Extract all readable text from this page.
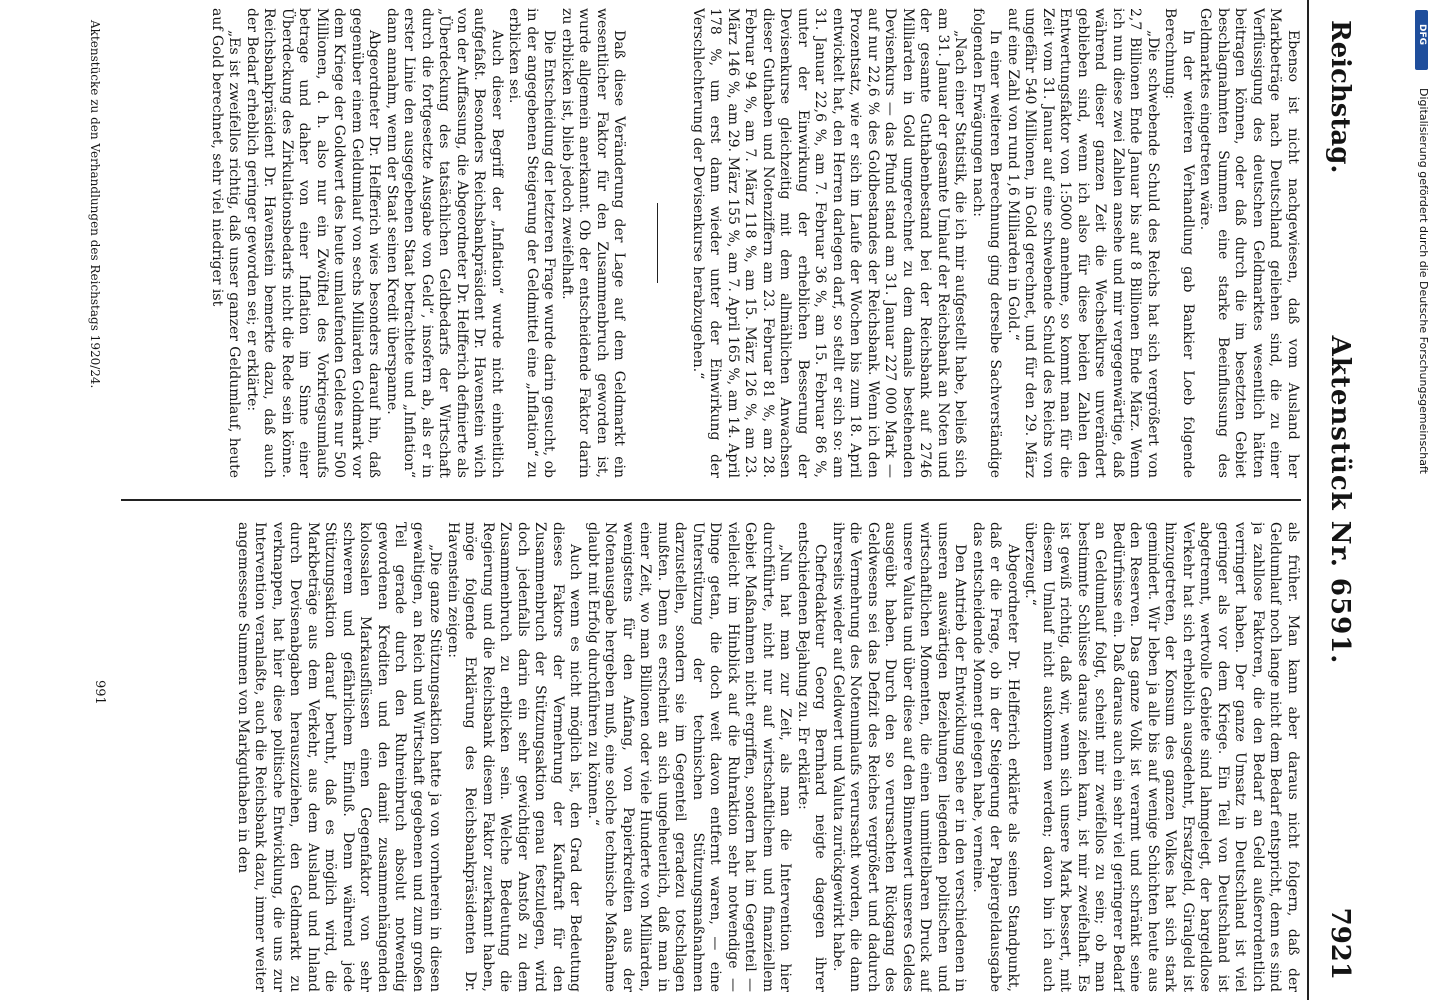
Reichstag.
Aktenstück Nr. 6591.
7921

Ebenso ist nicht nachgewiesen, daß vom Ausland her Markbeträge nach Deutschland geliehen sind, die zu einer Verflüssigung des deutschen Geldmarktes wesentlich hätten beitragen können, oder daß durch die im besetzten Gebiet beschlagnahmten Summen eine starke Beeinflussung des Geldmarktes eingetreten wäre.

In der weiteren Verhandlung gab Bankier Loeb folgende Berechnung:

„Die schwebende Schuld des Reichs hat sich vergrößert von 2,7 Billionen Ende Januar bis auf 8 Billionen Ende März. Wenn ich nun diese zwei Zahlen ansehe und mir vergegenwärtige, daß während dieser ganzen Zeit die Wechselkurse unverändert geblieben sind, wenn ich also für diese beiden Zahlen den Entwertungsfaktor von 1:5000 annehme, so kommt man für die Zeit vom 31. Januar auf eine schwebende Schuld des Reichs von ungefähr 540 Millionen, in Gold gerechnet, und für den 29. März auf eine Zahl von rund 1,6 Milliarden in Gold.“

In einer weiteren Berechnung ging derselbe Sachverständige folgenden Erwägungen nach:

„Nach einer Statistik, die ich mir aufgestellt habe, beließ sich am 31. Januar der gesamte Umlauf der Reichsbank an Noten und der gesamte Guthabenbestand bei der Reichsbank auf 2746 Milliarden in Gold umgerechnet zu dem damals bestehenden Devisenkurs — das Pfund stand am 31. Januar 227 000 Mark — auf nur 22,6 % des Goldbestandes der Reichsbank. Wenn ich den Prozentsatz, wie er sich im Laufe der Wochen bis zum 18. April entwickelt hat, den Herren darlegen darf, so stellt er sich so: am 31. Januar 22,6 %, am 7. Februar 36 %, am 15. Februar 86 %, unter der Einwirkung der erheblichen Besserung der Devisenkurse gleichzeitig mit dem allmählichen Anwachsen dieser Guthaben und Notenziffern am 23. Februar 81 %, am 28. Februar 94 %, am 7. März 118 %, am 15. März 126 %, am 23. März 146 %, am 29. März 155 %, am 7. April 165 %, am 14. April 178 %, um erst dann wieder unter der Einwirkung der Verschlechterung der Devisenkurse herabzugehen.“

Daß diese Veränderung der Lage auf dem Geldmarkt ein wesentlicher Faktor für den Zusammenbruch geworden ist, wurde allgemein anerkannt. Ob der entscheidende Faktor darin zu erblicken ist, blieb jedoch zweifelhaft.

Die Entscheidung der letzteren Frage wurde darin gesucht, ob in der angegebenen Steigerung der Geldmittel eine „Inflation“ zu erblicken sei.

Auch dieser Begriff der „Inflation“ wurde nicht einheitlich aufgefaßt. Besonders Reichsbankpräsident Dr. Havenstein wich von der Auffassung, die Abgeordneter Dr. Helfferich definierte als „Überdeckung des tatsächlichen Geldbedarfs der Wirtschaft durch die fortgesetzte Ausgabe von Geld“, insofern ab, als er in erster Linie den ausgegebenen Staat betrachtete und „Inflation“ dann annahm, wenn der Staat seinen Kredit überspanne.

Abgeordneter Dr. Helfferich wies besonders darauf hin, daß gegenüber einem Geldumlauf von sechs Milliarden Goldmark vor dem Kriege der Goldwert des heute umlaufenden Geldes nur 500 Millionen, d. h. also nur ein Zwölftel des Vorkriegsumlaufs betrage und daher von einer Inflation im Sinne einer Überdeckung des Zirkulationsbedarfs nicht die Rede sein könne. Reichsbankpräsident Dr. Havenstein bemerkte dazu, daß auch der Bedarf erheblich geringer geworden sei; er erklärte:

„Es ist zweifellos richtig, daß unser ganzer Geldumlauf, heute auf Gold berechnet, sehr viel niedriger ist

als früher. Man kann aber daraus nicht folgern, daß der Geldumlauf noch lange nicht dem Bedarf entspricht, denn es sind ja zahllose Faktoren, die den Bedarf an Geld außerordentlich verringert haben. Der ganze Umsatz in Deutschland ist viel geringer als vor dem Kriege. Ein Teil von Deutschland ist abgetrennt, wertvolle Gebiete sind lahmgelegt, der bargeldlose Verkehr hat sich erheblich ausgedehnt, Ersatzgeld, Giralgeld ist hinzugetreten, der Konsum des ganzen Volkes hat sich stark gemindert. Wir leben ja alle bis auf wenige Schichten heute aus den Reserven. Das ganze Volk ist verarmt und schränkt seine Bedürfnisse ein. Daß daraus auch ein sehr viel geringerer Bedarf an Geldumlauf folgt, scheint mir zweifellos zu sein; ob man bestimmte Schlüsse daraus ziehen kann, ist mir zweifelhaft. Es ist gewiß richtig, daß wir, wenn sich unsere Mark bessert, mit diesem Umlauf nicht auskommen werden; davon bin ich auch überzeugt.“

Abgeordneter Dr. Helfferich erklärte als seinen Standpunkt, daß er die Frage, ob in der Steigerung der Papiergeldausgabe das entscheidende Moment gelegen habe, verneine.

Den Antrieb der Entwicklung sehe er in den verschiedenen in unseren auswärtigen Beziehungen liegenden politischen und wirtschaftlichen Momenten, die einen unmittelbaren Druck auf unsere Valuta und über diese auf den Binnenwert unseres Geldes ausgeübt haben. Durch den so verursachten Rückgang des Geldwesens sei das Defizit des Reiches vergrößert und dadurch die Vermehrung des Notenumlaufs verursacht worden, die dann ihrerseits wieder auf Geldwert und Valuta zurückgewirkt habe.

Chefredakteur Georg Bernhard neigte dagegen ihrer entschiedenen Bejahung zu. Er erklärte:

„Nun hat man zur Zeit, als man die Intervention hier durchführte, nicht nur auf wirtschaftlichem und finanziellem Gebiet Maßnahmen nicht ergriffen, sondern hat im Gegenteil — vielleicht im Hinblick auf die Ruhraktion sehr notwendige — Dinge getan, die doch weit davon entfernt waren, — eine Unterstützung der technischen Stützungsmaßnahmen darzustellen, sondern sie im Gegenteil geradezu totschlagen mußten. Denn es erscheint an sich ungeheuerlich, daß man in einer Zeit, wo man Billionen oder viele Hunderte von Milliarden, wenigstens für den Anfang, von Papierkrediten aus der Notenausgabe hergeben muß, eine solche technische Maßnahme glaubt mit Erfolg durchführen zu können.“

Auch wenn es nicht möglich ist, den Grad der Bedeutung dieses Faktors der Vermehrung der Kaufkraft für den Zusammenbruch der Stützungsaktion genau festzulegen, wird doch jedenfalls darin ein sehr gewichtiger Anstoß zu dem Zusammenbruch zu erblicken sein. Welche Bedeutung die Regierung und die Reichsbank diesem Faktor zuerkannt haben, möge folgende Erklärung des Reichsbankpräsidenten Dr. Havenstein zeigen:

„Die ganze Stützungsaktion hatte ja von vornherein in diesen gewaltigen, an Reich und Wirtschaft gegebenen und zum großen Teil gerade durch den Ruhreinbruch absolut notwendig gewordenen Krediten und den damit zusammenhängenden kolossalen Markausflüssen einen Gegenfaktor von sehr schwerem und gefährlichem Einfluß. Denn während jede Stützungsaktion darauf beruht, daß es möglich wird, die Markbeträge aus dem Verkehr, aus dem Ausland und Inland durch Devisenabgaben herauszuziehen, den Geldmarkt zu verknappen, hat hier diese politische Entwicklung, die uns zur Intervention veranlaßte, auch die Reichsbank dazu, immer weiter angemessene Summen von Markguthaben in den

Aktenstücke zu den Verhandlungen des Reichstags 1920/24.
991
DFG
Digitalisierung gefördert durch die Deutsche Forschungsgemeinschaft
